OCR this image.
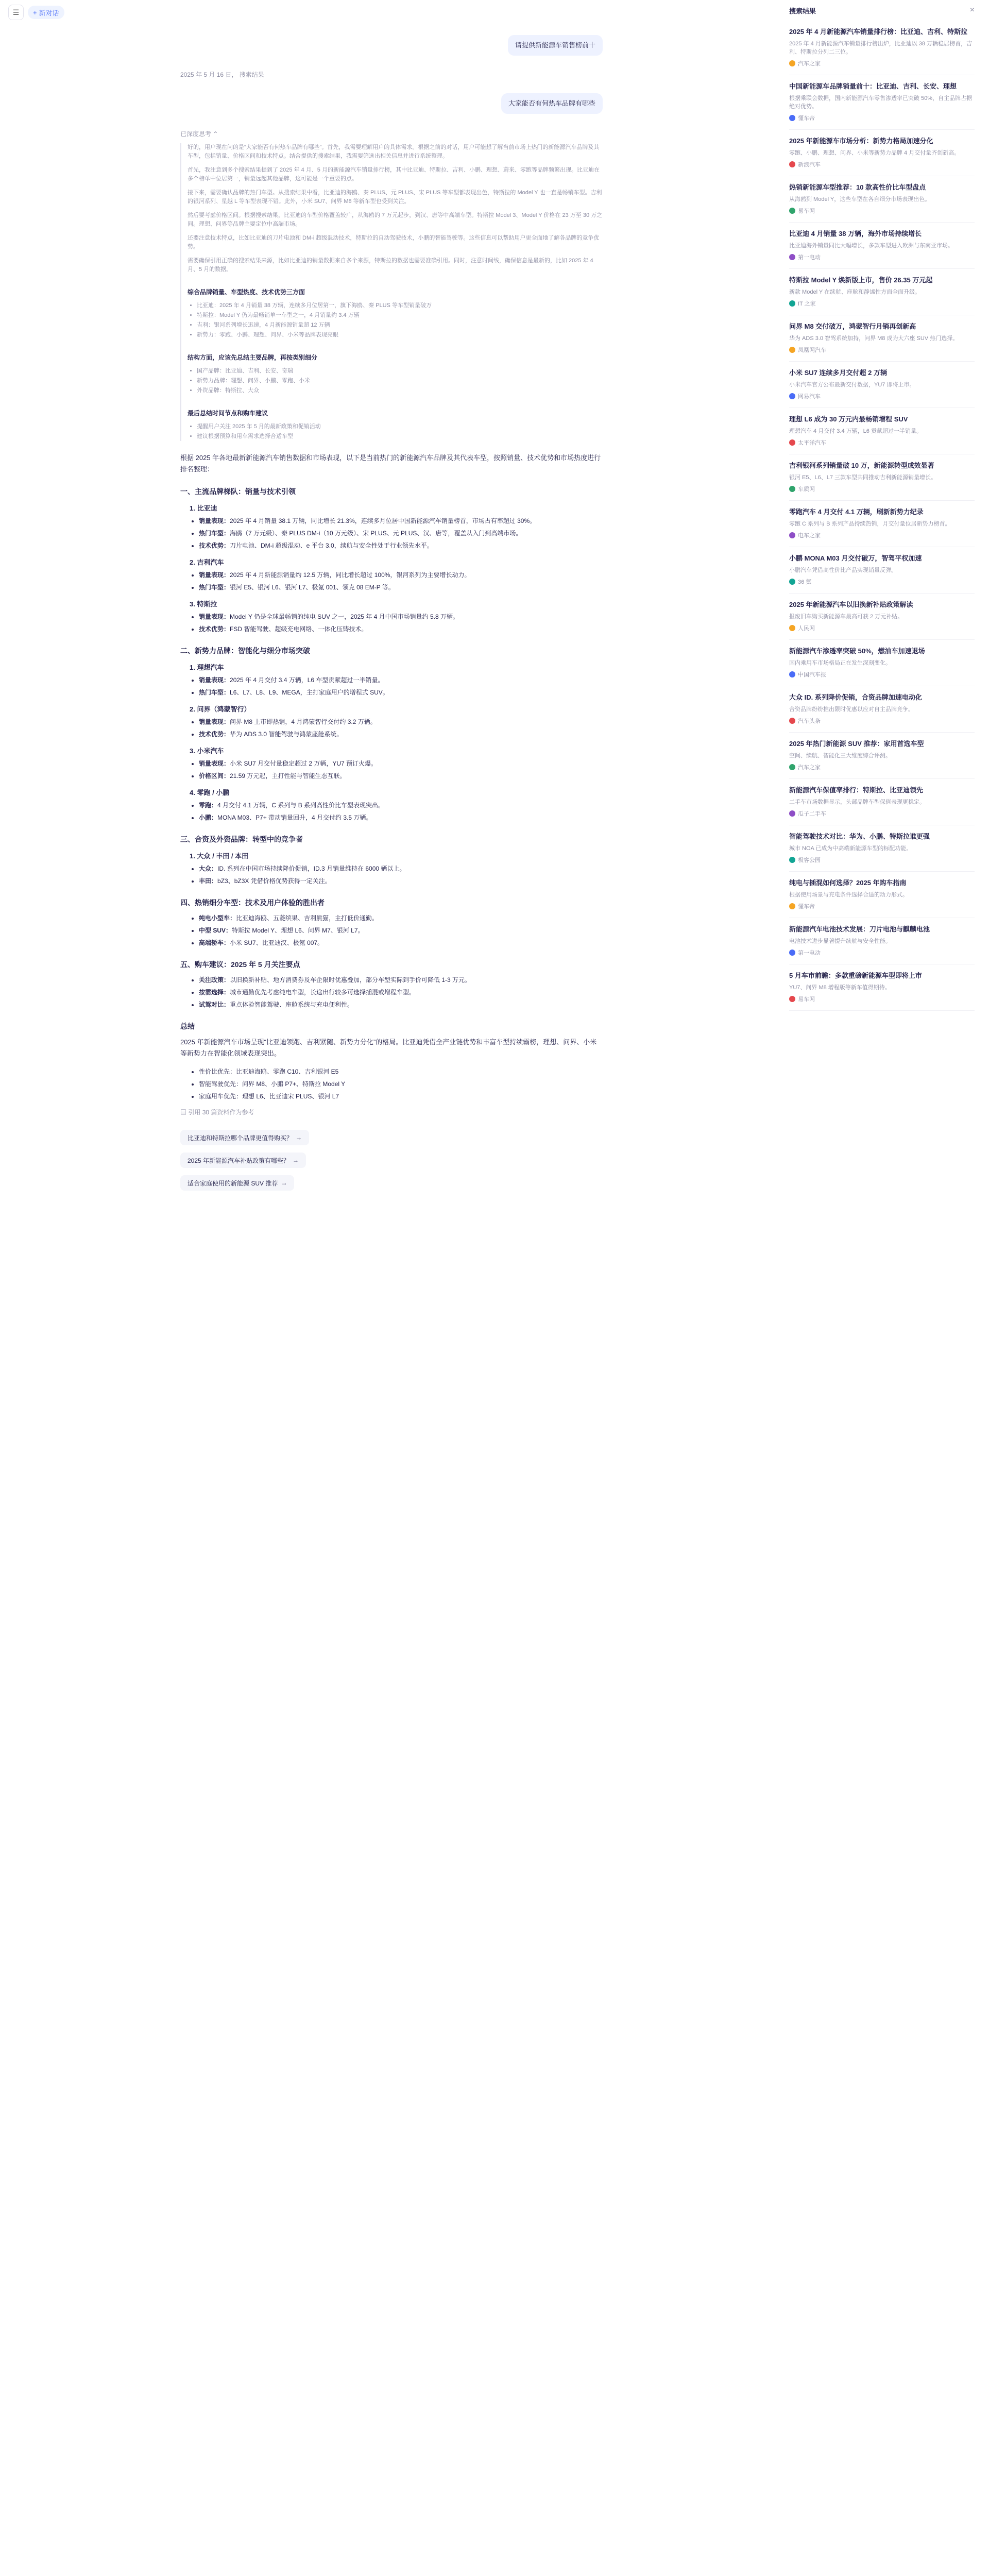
☰	+ 新对话
请提供新能源车销售榜前十
2025 年 5 月 16 日， 搜索结果
大家能否有何热车品牌有哪些
已深度思考 ⌃

好的，用户现在问的是“大家能否有何热车品牌有哪些”。首先，我需要理解用户的具体需求。根据之前的对话，用户可能想了解当前市场上热门的新能源汽车品牌及其车型，包括销量、价格区间和技术特点。结合提供的搜索结果，我需要筛选出相关信息并进行系统整理。

首先，我注意到多个搜索结果提到了 2025 年 4 月、5 月的新能源汽车销量排行榜，其中比亚迪、特斯拉、吉利、小鹏、理想、蔚来、零跑等品牌频繁出现。比亚迪在多个榜单中位居第一，销量远超其他品牌，这可能是一个重要的点。

接下来，需要确认品牌的热门车型。从搜索结果中看，比亚迪的海鸥、秦 PLUS、元 PLUS、宋 PLUS 等车型都表现出色，特斯拉的 Model Y 也一直是畅销车型。吉利的银河系列、星越 L 等车型表现不错。此外，小米 SU7、问界 M8 等新车型也受到关注。

然后要考虑价格区间。根据搜索结果，比亚迪的车型价格覆盖较广，从海鸥的 7 万元起步，到汉、唐等中高端车型。特斯拉 Model 3、Model Y 价格在 23 万至 30 万之间。理想、问界等品牌主要定位中高端市场。

还要注意技术特点，比如比亚迪的刀片电池和 DM-i 超级混动技术，特斯拉的自动驾驶技术，小鹏的智能驾驶等。这些信息可以帮助用户更全面地了解各品牌的竞争优势。

需要确保引用正确的搜索结果来源，比如比亚迪的销量数据来自多个来源，特斯拉的数据也需要准确引用。同时，注意时间线，确保信息是最新的，比如 2025 年 4 月、5 月的数据。

综合品牌销量、车型热度、技术优势三方面
• 比亚迪：2025 年 4 月销量 38 万辆，连续多月位居第一，旗下海鸥、秦 PLUS 等车型销量破万
• 特斯拉：Model Y 仍为最畅销单一车型之一，4 月销量约 3.4 万辆
• 吉利：银河系列增长迅速，4 月新能源销量超 12 万辆
• 新势力：零跑、小鹏、理想、问界、小米等品牌表现亮眼
结构方面，应该先总结主要品牌，再按类别细分
• 国产品牌：比亚迪、吉利、长安、奇瑞
• 新势力品牌：理想、问界、小鹏、零跑、小米
• 外资品牌：特斯拉、大众
最后总结时间节点和购车建议
• 提醒用户关注 2025 年 5 月的最新政策和促销活动
• 建议根据预算和用车需求选择合适车型

根据 2025 年各地最新新能源汽车销售数据和市场表现，以下是当前热门的新能源汽车品牌及其代表车型，按照销量、技术优势和市场热度进行排名整理：

一、主流品牌梯队：销量与技术引领
1. 比亚迪
• 销量表现：2025 年 4 月销量 38.1 万辆，同比增长 21.3%，连续多月位居中国新能源汽车销量榜首，市场占有率超过 30%。
• 热门车型：海鸥（7 万元级）、秦 PLUS DM-i（10 万元级）、宋 PLUS、元 PLUS、汉、唐等，覆盖从入门到高端市场。
• 技术优势：刀片电池、DM-i 超级混动、e 平台 3.0，续航与安全性处于行业领先水平。
2. 吉利汽车
• 销量表现：2025 年 4 月新能源销量约 12.5 万辆，同比增长超过 100%，银河系列为主要增长动力。
• 热门车型：银河 E5、银河 L6、银河 L7、极氪 001、领克 08 EM-P 等。
3. 特斯拉
• 销量表现：Model Y 仍是全球最畅销的纯电 SUV 之一，2025 年 4 月中国市场销量约 5.8 万辆。
• 技术优势：FSD 智能驾驶、超级充电网络、一体化压铸技术。
二、新势力品牌：智能化与细分市场突破
1. 理想汽车
• 销量表现：2025 年 4 月交付 3.4 万辆，L6 车型贡献超过一半销量。
• 热门车型：L6、L7、L8、L9、MEGA，主打家庭用户的增程式 SUV。
2. 问界（鸿蒙智行）
• 销量表现：问界 M8 上市即热销，4 月鸿蒙智行交付约 3.2 万辆。
• 技术优势：华为 ADS 3.0 智能驾驶与鸿蒙座舱系统。
3. 小米汽车
• 销量表现：小米 SU7 月交付量稳定超过 2 万辆，YU7 预订火爆。
• 价格区间：21.59 万元起，主打性能与智能生态互联。
4. 零跑 / 小鹏
• 零跑：4 月交付 4.1 万辆，C 系列与 B 系列高性价比车型表现突出。
• 小鹏：MONA M03、P7+ 带动销量回升，4 月交付约 3.5 万辆。
三、合资及外资品牌：转型中的竞争者
1. 大众 / 丰田 / 本田
• 大众：ID. 系列在中国市场持续降价促销，ID.3 月销量维持在 6000 辆以上。
• 丰田：bZ3、bZ3X 凭借价格优势获得一定关注。
四、热销细分车型：技术及用户体验的胜出者
• 纯电小型车：比亚迪海鸥、五菱缤果、吉利熊猫，主打低价通勤。
• 中型 SUV：特斯拉 Model Y、理想 L6、问界 M7、银河 L7。
• 高端轿车：小米 SU7、比亚迪汉、极氪 007。
五、购车建议：2025 年 5 月关注要点
• 关注政策：以旧换新补贴、地方消费券及车企限时优惠叠加，部分车型实际到手价可降低 1-3 万元。
• 按需选择：城市通勤优先考虑纯电车型，长途出行较多可选择插混或增程车型。
• 试驾对比：重点体验智能驾驶、座舱系统与充电便利性。
总结

2025 年新能源汽车市场呈现“比亚迪领跑、吉利紧随、新势力分化”的格局。比亚迪凭借全产业链优势和丰富车型持续霸榜，理想、问界、小米等新势力在智能化领域表现突出。

• 性价比优先：比亚迪海鸥、零跑 C10、吉利银河 E5
• 智能驾驶优先：问界 M8、小鹏 P7+、特斯拉 Model Y
• 家庭用车优先：理想 L6、比亚迪宋 PLUS、银河 L7
▤ 引用 30 篇资料作为参考
比亚迪和特斯拉哪个品牌更值得购买？ →
2025 年新能源汽车补贴政策有哪些？ →
适合家庭使用的新能源 SUV 推荐 →
搜索结果	×
2025 年 4 月新能源汽车销量排行榜：比亚迪、吉利、特斯拉
2025 年 4 月新能源汽车销量排行榜出炉，比亚迪以 38 万辆稳居榜首，吉利、特斯拉分列二三位。
汽车之家
中国新能源车品牌销量前十：比亚迪、吉利、长安、理想
根据乘联会数据，国内新能源汽车零售渗透率已突破 50%，自主品牌占据绝对优势。
懂车帝
2025 年新能源车市场分析：新势力格局加速分化
零跑、小鹏、理想、问界、小米等新势力品牌 4 月交付量齐创新高。
新浪汽车
热销新能源车型推荐：10 款高性价比车型盘点
从海鸥到 Model Y，这些车型在各自细分市场表现出色。
易车网
比亚迪 4 月销量 38 万辆，海外市场持续增长
比亚迪海外销量同比大幅增长，多款车型进入欧洲与东南亚市场。
第一电动
特斯拉 Model Y 焕新版上市，售价 26.35 万元起
新款 Model Y 在续航、座舱和静谧性方面全面升级。
IT 之家
问界 M8 交付破万，鸿蒙智行月销再创新高
华为 ADS 3.0 智驾系统加持，问界 M8 成为大六座 SUV 热门选择。
凤凰网汽车
小米 SU7 连续多月交付超 2 万辆
小米汽车官方公布最新交付数据，YU7 即将上市。
网易汽车
理想 L6 成为 30 万元内最畅销增程 SUV
理想汽车 4 月交付 3.4 万辆，L6 贡献超过一半销量。
太平洋汽车
吉利银河系列销量破 10 万，新能源转型成效显著
银河 E5、L6、L7 三款车型共同推动吉利新能源销量增长。
车质网
零跑汽车 4 月交付 4.1 万辆，刷新新势力纪录
零跑 C 系列与 B 系列产品持续热销，月交付量位居新势力榜首。
电车之家
小鹏 MONA M03 月交付破万，智驾平权加速
小鹏汽车凭借高性价比产品实现销量反弹。
36 氪
2025 年新能源汽车以旧换新补贴政策解读
报废旧车购买新能源车最高可获 2 万元补贴。
人民网
新能源汽车渗透率突破 50%，燃油车加速退场
国内乘用车市场格局正在发生深刻变化。
中国汽车报
大众 ID. 系列降价促销，合资品牌加速电动化
合资品牌纷纷推出限时优惠以应对自主品牌竞争。
汽车头条
2025 年热门新能源 SUV 推荐：家用首选车型
空间、续航、智能化三大维度综合评测。
汽车之家
新能源汽车保值率排行：特斯拉、比亚迪领先
二手车市场数据显示，头部品牌车型保值表现更稳定。
瓜子二手车
智能驾驶技术对比：华为、小鹏、特斯拉谁更强
城市 NOA 已成为中高端新能源车型的标配功能。
极客公园
纯电与插混如何选择？2025 年购车指南
根据使用场景与充电条件选择合适的动力形式。
懂车帝
新能源汽车电池技术发展：刀片电池与麒麟电池
电池技术进步显著提升续航与安全性能。
第一电动
5 月车市前瞻：多款重磅新能源车型即将上市
YU7、问界 M8 增程版等新车值得期待。
易车网
